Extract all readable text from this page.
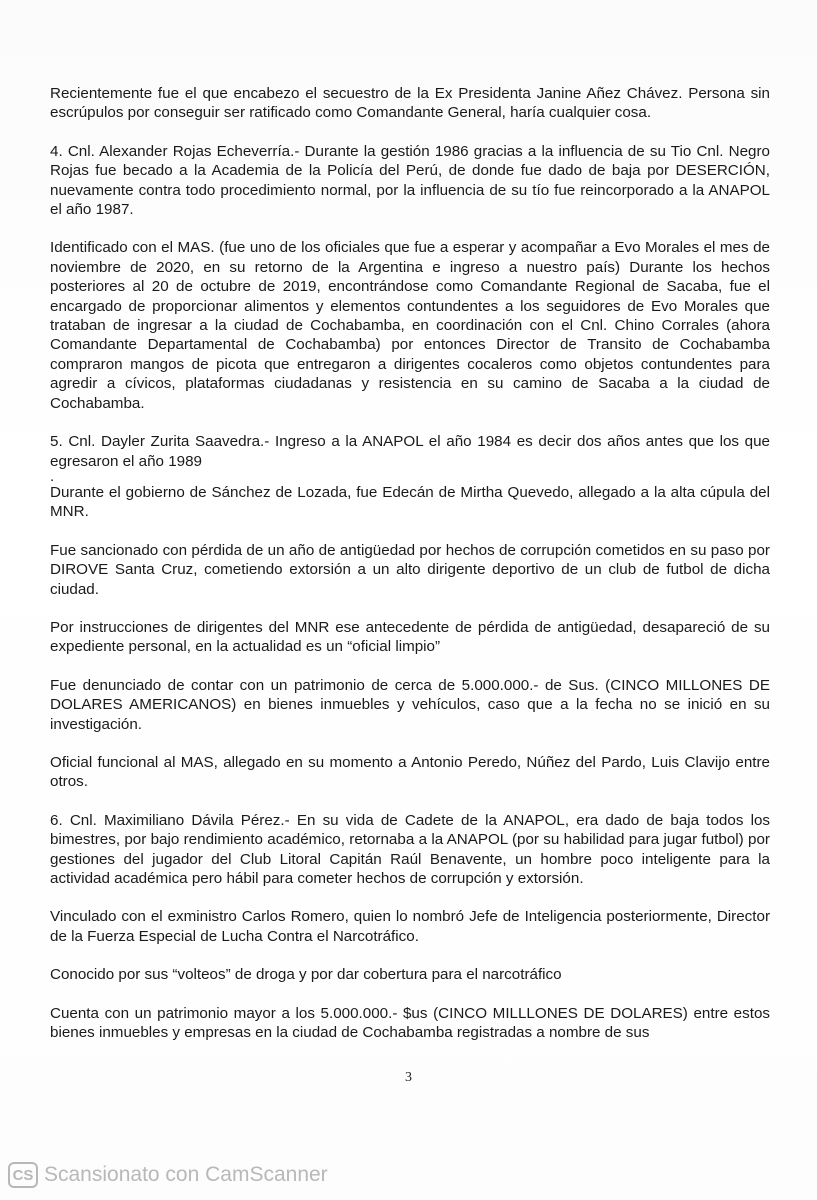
Recientemente fue el que encabezo el secuestro de la Ex Presidenta Janine Añez Chávez. Persona sin escrúpulos por conseguir ser ratificado como Comandante General, haría cualquier cosa.

4. Cnl. Alexander Rojas Echeverría.- Durante la gestión 1986 gracias a la influencia de su Tio Cnl. Negro Rojas fue becado a la Academia de la Policía del Perú, de donde fue dado de baja por DESERCIÓN, nuevamente contra todo procedimiento normal, por la influencia de su tío fue reincorporado a la ANAPOL el año 1987.

Identificado con el MAS. (fue uno de los oficiales que fue a esperar y acompañar a Evo Morales el mes de noviembre de 2020, en su retorno de la Argentina e ingreso a nuestro país) Durante los hechos posteriores al 20 de octubre de 2019, encontrándose como Comandante Regional de Sacaba, fue el encargado de proporcionar alimentos y elementos contundentes a los seguidores de Evo Morales que trataban de ingresar a la ciudad de Cochabamba, en coordinación con el Cnl. Chino Corrales (ahora Comandante Departamental de Cochabamba) por entonces Director de Transito de Cochabamba compraron mangos de picota que entregaron a dirigentes cocaleros como objetos contundentes para agredir a cívicos, plataformas ciudadanas y resistencia en su camino de Sacaba a la ciudad de Cochabamba.

5. Cnl. Dayler Zurita Saavedra.- Ingreso a la ANAPOL el año 1984 es decir dos años antes que los que egresaron el año 1989

.

Durante el gobierno de Sánchez de Lozada, fue Edecán de Mirtha Quevedo, allegado a la alta cúpula del MNR.

Fue sancionado con pérdida de un año de antigüedad por hechos de corrupción cometidos en su paso por DIROVE Santa Cruz, cometiendo extorsión a un alto dirigente deportivo de un club de futbol de dicha ciudad.

Por instrucciones de dirigentes del MNR ese antecedente de pérdida de antigüedad, desapareció de su expediente personal, en la actualidad es un “oficial limpio”

Fue denunciado de contar con un patrimonio de cerca de 5.000.000.- de Sus. (CINCO MILLONES DE DOLARES AMERICANOS) en bienes inmuebles y vehículos, caso que a la fecha no se inició en su investigación.

Oficial funcional al MAS, allegado en su momento a Antonio Peredo, Núñez del Pardo, Luis Clavijo entre otros.

6. Cnl. Maximiliano Dávila Pérez.- En su vida de Cadete de la ANAPOL, era dado de baja todos los bimestres, por bajo rendimiento académico, retornaba a la ANAPOL (por su habilidad para jugar futbol) por gestiones del jugador del Club Litoral Capitán Raúl Benavente, un hombre poco inteligente para la actividad académica pero hábil para cometer hechos de corrupción y extorsión.

Vinculado con el exministro Carlos Romero, quien lo nombró Jefe de Inteligencia posteriormente, Director de la Fuerza Especial de Lucha Contra el Narcotráfico.

Conocido por sus “volteos” de droga y por dar cobertura para el narcotráfico

Cuenta con un patrimonio mayor a los 5.000.000.- $us (CINCO MILLLONES DE DOLARES) entre estos bienes inmuebles y empresas en la ciudad de Cochabamba registradas a nombre de sus

3
CS Scansionato con CamScanner
